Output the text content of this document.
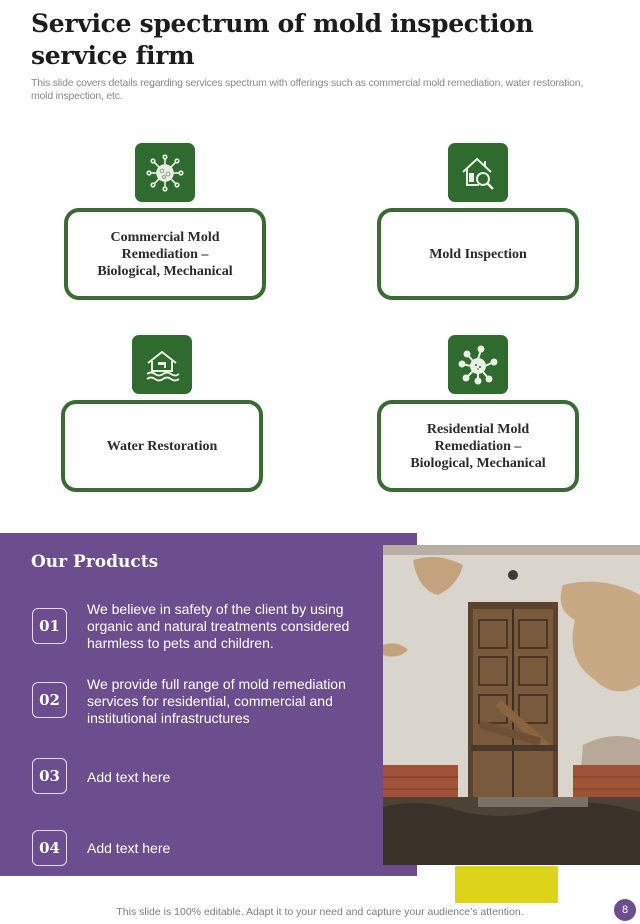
Service spectrum of mold inspection service firm
This slide covers details regarding services spectrum with offerings such as commercial mold remediation, water restoration, mold inspection, etc.
Commercial Mold Remediation – Biological, Mechanical
Mold Inspection
Water Restoration
Residential Mold Remediation – Biological, Mechanical
Our Products
01
We believe in safety of the client by using organic and natural treatments considered harmless to pets and children.
02
We provide full range of mold remediation services for residential, commercial and institutional infrastructures
03	Add text here
04	Add text here
This slide is 100% editable. Adapt it to your need and capture your audience’s attention.	8
